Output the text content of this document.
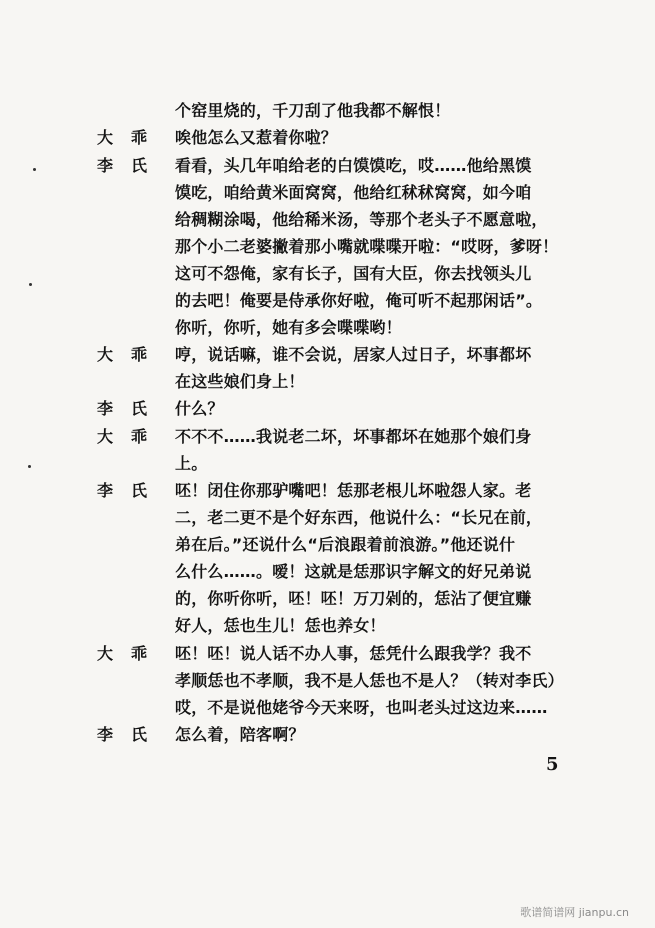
个窑里烧的，千刀刮了他我都不解恨！
大 乖 唉他怎么又惹着你啦？
李 氏 看看，头几年咱给老的白馍馍吃，哎……他给黑馍
馍吃，咱给黄米面窝窝，他给红秫秫窝窝，如今咱
给稠糊涂喝，他给稀米汤，等那个老头子不愿意啦，
那个小二老婆撇着那小嘴就喋喋开啦：“哎呀，爹呀！
这可不怨俺，家有长子，国有大臣，你去找领头儿
的去吧！俺要是侍承你好啦，俺可听不起那闲话”。
你听，你听，她有多会喋喋哟！
大 乖 哼，说话嘛，谁不会说，居家人过日子，坏事都坏
在这些娘们身上！
李 氏 什么？
大 乖 不不不……我说老二坏，坏事都坏在她那个娘们身
上。
李 氏 呸！闭住你那驴嘴吧！恁那老根儿坏啦怨人家。老
二，老二更不是个好东西，他说什么：“长兄在前，
弟在后。”还说什么“后浪跟着前浪游。”他还说什
么什么……。嗳！这就是恁那识字解文的好兄弟说
的，你听你听，呸！呸！万刀剁的，恁沾了便宜赚
好人，恁也生儿！恁也养女！
大 乖 呸！呸！说人话不办人事，恁凭什么跟我学？我不
孝顺恁也不孝顺，我不是人恁也不是人？（转对李氏）
哎，不是说他姥爷今天来呀，也叫老头过这边来……
李 氏 怎么着，陪客啊？
5
歌谱简谱网 jianpu.cn
